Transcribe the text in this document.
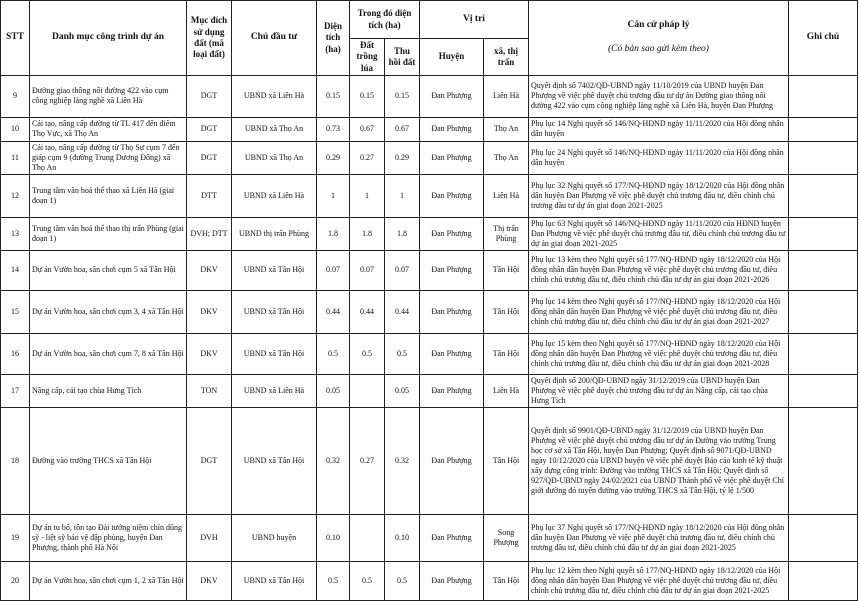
STT	Danh mục công trình dự án	Mục đích sử dụng đất (mã loại đất)	Chủ đầu tư	Diện tích (ha)	Trong đó diện tích (ha)		Vị trí		Căn cứ pháp lý
(Có bản sao gửi kèm theo)	Ghi chú
					Đất trồng lúa	Thu hồi đất	Huyện	xã, thị trấn		
9	Đường giao thông nối đường 422 vào cụm công nghiệp làng nghề xã Liên Hà	DGT	UBND xã Liên Hà	0.15	0.15	0.15	Đan Phượng	Liên Hà	Quyết định số 7402/QĐ-UBND ngày 11/10/2019 của UBND huyện Đan Phượng về việc phê duyệt chủ trương đầu tư dự án Đường giao thông nối đường 422 vào cụm công nghiệp làng nghề xã Liên Hà, huyện Đan Phượng	
10	Cải tạo, nâng cấp đường từ TL 417 đến điếm Thọ Vực, xã Thọ An	DGT	UBND xã Thọ An	0.73	0.67	0.67	Đan Phượng	Thọ An	Phụ lục 14 Nghị quyết số 146/NQ-HĐND ngày 11/11/2020 của Hội đồng nhân dân huyện	
11	Cải tạo, nâng cấp đường từ Thọ Sự cụm 7 đến giáp cụm 9 (đường Trung Dương Đông) xã Thọ An	DGT	UBND xã Thọ An	0.29	0.27	0.29	Đan Phượng	Thọ An	Phụ lục 24 Nghị quyết số 146/NQ-HĐND ngày 11/11/2020 của Hội đồng nhân dân huyện	
12	Trung tâm văn hoá thể thao xã Liên Hà (giai đoạn 1)	DTT	UBND xã Liên Hà	1	1	1	Đan Phượng	Liên Hà	Phụ lục 32 Nghị quyết số 177/NQ-HĐND ngày 18/12/2020 của Hội đồng nhân dân huyện Đan Phượng về việc phê duyệt chủ trương đầu tư, điều chỉnh chủ trương đầu tư dự án giai đoạn 2021-2025	
13	Trung tâm văn hoá thể thao thị trấn Phùng (giai đoạn 1)	DVH; DTT	UBND thị trấn Phùng	1.8	1.8	1.8	Đan Phượng	Thị trấn Phùng	Phụ lục 63 Nghị quyết số 146/NQ-HĐND ngày 11/11/2020 của HĐND huyện Đan Phượng về việc phê duyệt chủ trương đầu tư, điều chỉnh chủ trương đầu tư dự án giai đoạn 2021-2025	
14	Dự án Vườn hoa, sân chơi cụm 5 xã Tân Hội	DKV	UBND xã Tân Hội	0.07	0.07	0.07	Đan Phượng	Tân Hội	Phụ lục 13 kèm theo Nghị quyết số 177/NQ-HĐND ngày 18/12/2020 của Hội đồng nhân dân huyện Đan Phượng về việc phê duyệt chủ trương đầu tư, điều chỉnh chủ trương đầu tư, điều chỉnh chủ đầu tư dự án giai đoạn 2021-2026	
15	Dự án Vườn hoa, sân chơi cụm 3, 4 xã Tân Hội	DKV	UBND xã Tân Hội	0.44	0.44	0.44	Đan Phượng	Tân Hội	Phụ lục 14 kèm theo Nghị quyết số 177/NQ-HĐND ngày 18/12/2020 của Hội đồng nhân dân huyện Đan Phượng về việc phê duyệt chủ trương đầu tư, điều chỉnh chủ trương đầu tư, điều chỉnh chủ đầu tư dự án giai đoạn 2021-2027	
16	Dự án Vườn hoa, sân chơi cụm 7, 8 xã Tân Hội	DKV	UBND xã Tân Hội	0.5	0.5	0.5	Đan Phượng	Tân Hội	Phụ lục 15 kèm theo Nghị quyết số 177/NQ-HĐND ngày 18/12/2020 của Hội đồng nhân dân huyện Đan Phượng về việc phê duyệt chủ trương đầu tư, điều chỉnh chủ trương đầu tư, điều chỉnh chủ đầu tư dự án giai đoạn 2021-2028	
17	Nâng cấp, cải tạo chùa Hưng Tích	TON	UBND xã Liên Hà	0.05		0.05	Đan Phượng	Liên Hà	Quyết định số 200/QĐ-UBND ngày 31/12/2019 của UBND huyện Đan Phượng về việc phê duyệt chủ trương đầu tư dự án Nâng cấp, cải tạo chùa Hưng Tích	
18	Đường vào trường THCS xã Tân Hội	DGT	UBND xã Tân Hội	0.32	0.27	0.32	Đan Phượng	Tân Hội	Quyết định số 9901/QĐ-UBND ngày 31/12/2019 của UBND huyện Đan Phượng về việc phê duyệt chủ trương đầu tư dự án Đường vào trường Trung học cơ sở xã Tân Hội, huyện Đan Phượng; Quyết định số 9071/QĐ-UBND ngày 10/12/2020 của UBND huyện về việc phê duyệt Báo cáo kinh tế kỹ thuật xây dựng công trình: Đường vào trường THCS xã Tân Hội; Quyết định số 927/QĐ-UBND ngày 24/02/2021 của UBND Thành phố về việc phê duyệt Chỉ giới đường đỏ tuyến đường vào trường THCS xã Tân Hội, tỷ lệ 1/500	
19	Dự án tu bổ, tôn tạo Đài tưởng niệm chín dũng sỹ - liệt sỹ bảo vệ đập phùng, huyện Đan Phượng, thành phố Hà Nội	DVH	UBND huyện	0.10		0.10	Đan Phượng	Song Phượng	Phụ lục 37 Nghị quyết số 177/NQ-HĐND ngày 18/12/2020 của Hội đồng nhân dân huyện Đan Phượng về việc phê duyệt chủ trương đầu tư, điều chỉnh chủ trương đầu tư, điều chỉnh chủ đầu tư dự án giai đoạn 2021-2025	
20	Dự án Vườn hoa, sân chơi cụm 1, 2 xã Tân Hội	DKV	UBND xã Tân Hội	0.5	0.5	0.5	Đan Phượng	Tân Hội	Phụ lục 12 kèm theo Nghị quyết số 177/NQ-HĐND ngày 18/12/2020 của Hội đồng nhân dân huyện Đan Phượng về việc phê duyệt chủ trương đầu tư, điều chỉnh chủ trương đầu tư, điều chỉnh chủ đầu tư dự án giai đoạn 2021-2025	
